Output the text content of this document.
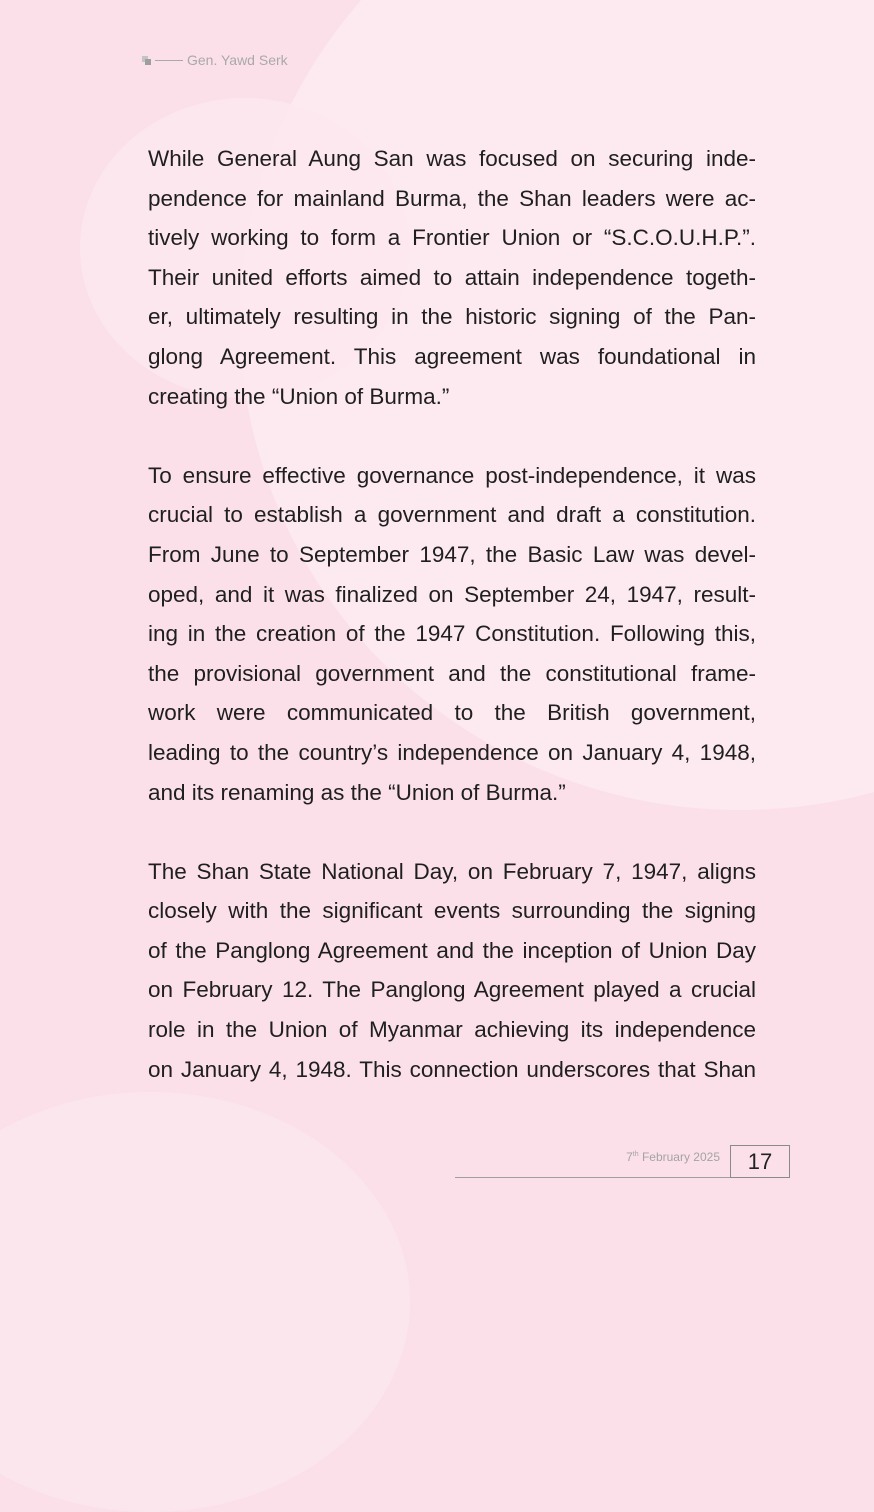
Gen. Yawd Serk

While General Aung San was focused on securing inde-
pendence for mainland Burma, the Shan leaders were ac-
tively working to form a Frontier Union or “S.C.O.U.H.P.”.
Their united efforts aimed to attain independence togeth-
er, ultimately resulting in the historic signing of the Pan-
glong Agreement. This agreement was foundational in
creating the “Union of Burma.”

To ensure effective governance post-independence, it was
crucial to establish a government and draft a constitution.
From June to September 1947, the Basic Law was devel-
oped, and it was finalized on September 24, 1947, result-
ing in the creation of the 1947 Constitution. Following this,
the provisional government and the constitutional frame-
work were communicated to the British government,
leading to the country’s independence on January 4, 1948,
and its renaming as the “Union of Burma.”

The Shan State National Day, on February 7, 1947, aligns
closely with the significant events surrounding the signing
of the Panglong Agreement and the inception of Union Day
on February 12. The Panglong Agreement played a crucial
role in the Union of Myanmar achieving its independence
on January 4, 1948. This connection underscores that Shan

7th February 2025 17
